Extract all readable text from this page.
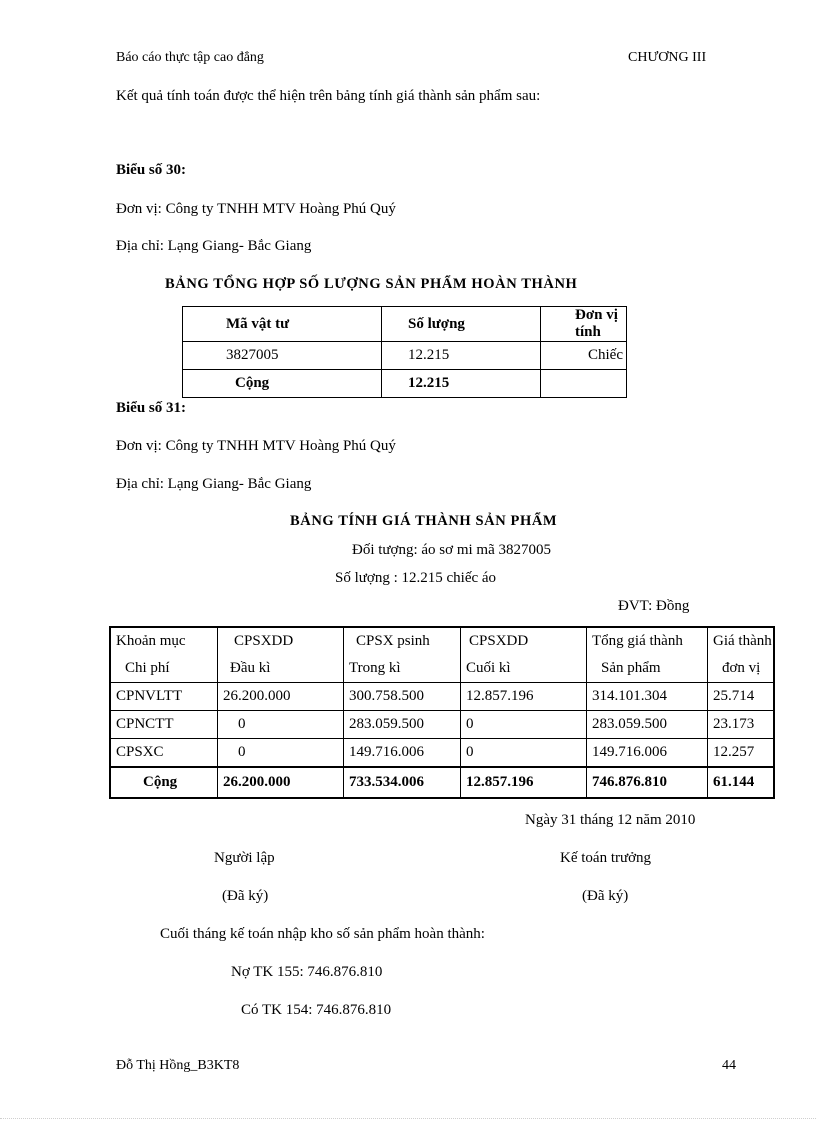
Báo cáo thực tập cao đẳng	CHƯƠNG III
Kết quả tính toán được thể hiện trên bảng tính giá thành sản phẩm sau:
Biểu số 30:
Đơn vị: Công ty TNHH MTV Hoàng Phú Quý
Địa chỉ: Lạng Giang- Bắc Giang
BẢNG TỔNG HỢP SỐ LƯỢNG SẢN PHẨM HOÀN THÀNH
Mã vật tư	Số lượng	Đơn vị tính
3827005	12.215	Chiếc
Cộng	12.215	
Biểu số 31:
Đơn vị: Công ty TNHH MTV Hoàng Phú Quý
Địa chỉ: Lạng Giang- Bắc Giang
BẢNG TÍNH GIÁ THÀNH SẢN PHẨM
Đối tượng: áo sơ mi mã 3827005
Số lượng : 12.215 chiếc áo
ĐVT: Đồng
Khoản mục	CPSXDD	CPSX psinh	CPSXDD	Tổng giá thành	Giá thành
Chi phí	Đầu kì	Trong kì	Cuối kì	Sản phẩm	đơn vị
CPNVLTT	26.200.000	300.758.500	12.857.196	314.101.304	25.714
CPNCTT	0	283.059.500	0	283.059.500	23.173
CPSXC	0	149.716.006	0	149.716.006	12.257
Cộng	26.200.000	733.534.006	12.857.196	746.876.810	61.144
Ngày 31 tháng 12 năm 2010
Người lập	Kế toán trưởng
(Đã ký)	(Đã ký)
Cuối tháng kế toán nhập kho số sản phẩm hoàn thành:
Nợ TK 155: 746.876.810
Có TK 154: 746.876.810
Đỗ Thị Hồng_B3KT8	44
